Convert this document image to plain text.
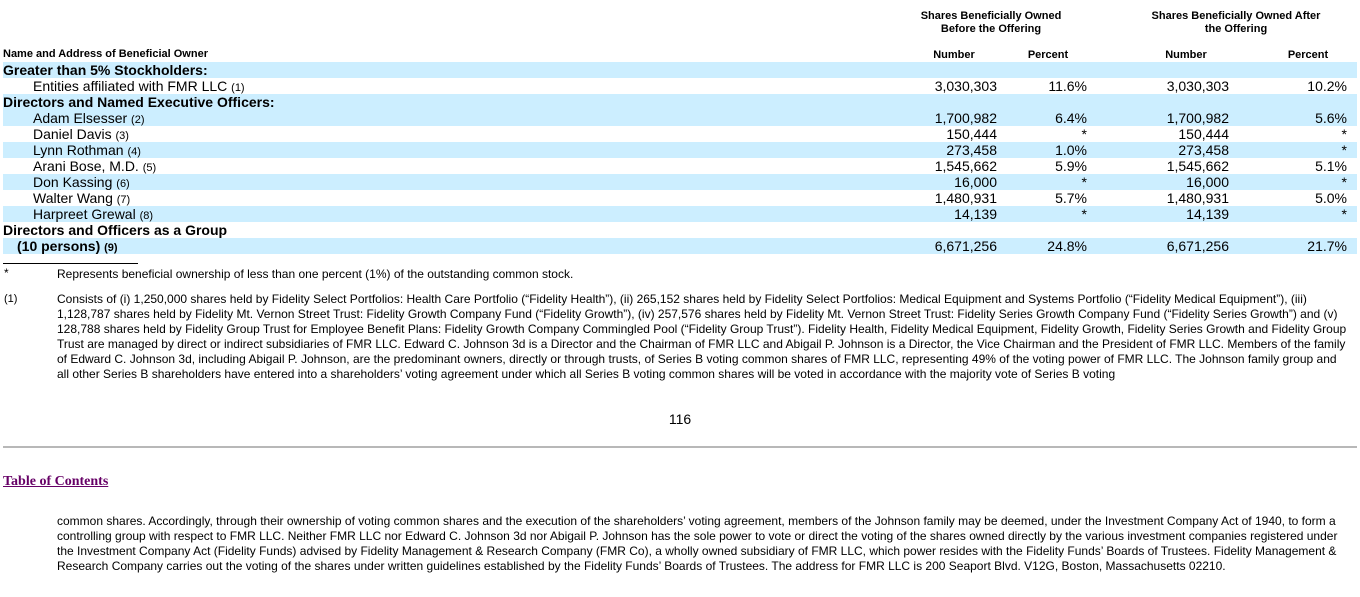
Shares Beneficially Owned Before the Offering
Shares Beneficially Owned After the Offering
Name and Address of Beneficial Owner	Number	Percent	Number	Percent
Greater than 5% Stockholders:
Entities affiliated with FMR LLC (1)	3,030,303	11.6%	3,030,303	10.2%
Directors and Named Executive Officers:
Adam Elsesser (2)	1,700,982	6.4%	1,700,982	5.6%
Daniel Davis (3)	150,444	*	150,444	*
Lynn Rothman (4)	273,458	1.0%	273,458	*
Arani Bose, M.D. (5)	1,545,662	5.9%	1,545,662	5.1%
Don Kassing (6)	16,000	*	16,000	*
Walter Wang (7)	1,480,931	5.7%	1,480,931	5.0%
Harpreet Grewal (8)	14,139	*	14,139	*
Directors and Officers as a Group
(10 persons) (9)	6,671,256	24.8%	6,671,256	21.7%
*	Represents beneficial ownership of less than one percent (1%) of the outstanding common stock.
(1)	Consists of (i) 1,250,000 shares held by Fidelity Select Portfolios: Health Care Portfolio (“Fidelity Health”), (ii) 265,152 shares held by Fidelity Select Portfolios: Medical Equipment and Systems Portfolio (“Fidelity Medical Equipment”), (iii) 1,128,787 shares held by Fidelity Mt. Vernon Street Trust: Fidelity Growth Company Fund (“Fidelity Growth”), (iv) 257,576 shares held by Fidelity Mt. Vernon Street Trust: Fidelity Series Growth Company Fund (“Fidelity Series Growth”) and (v) 128,788 shares held by Fidelity Group Trust for Employee Benefit Plans: Fidelity Growth Company Commingled Pool (“Fidelity Group Trust”). Fidelity Health, Fidelity Medical Equipment, Fidelity Growth, Fidelity Series Growth and Fidelity Group Trust are managed by direct or indirect subsidiaries of FMR LLC. Edward C. Johnson 3d is a Director and the Chairman of FMR LLC and Abigail P. Johnson is a Director, the Vice Chairman and the President of FMR LLC. Members of the family of Edward C. Johnson 3d, including Abigail P. Johnson, are the predominant owners, directly or through trusts, of Series B voting common shares of FMR LLC, representing 49% of the voting power of FMR LLC. The Johnson family group and all other Series B shareholders have entered into a shareholders’ voting agreement under which all Series B voting common shares will be voted in accordance with the majority vote of Series B voting
116
Table of Contents
common shares. Accordingly, through their ownership of voting common shares and the execution of the shareholders’ voting agreement, members of the Johnson family may be deemed, under the Investment Company Act of 1940, to form a controlling group with respect to FMR LLC. Neither FMR LLC nor Edward C. Johnson 3d nor Abigail P. Johnson has the sole power to vote or direct the voting of the shares owned directly by the various investment companies registered under the Investment Company Act (Fidelity Funds) advised by Fidelity Management & Research Company (FMR Co), a wholly owned subsidiary of FMR LLC, which power resides with the Fidelity Funds’ Boards of Trustees. Fidelity Management & Research Company carries out the voting of the shares under written guidelines established by the Fidelity Funds’ Boards of Trustees. The address for FMR LLC is 200 Seaport Blvd. V12G, Boston, Massachusetts 02210.
